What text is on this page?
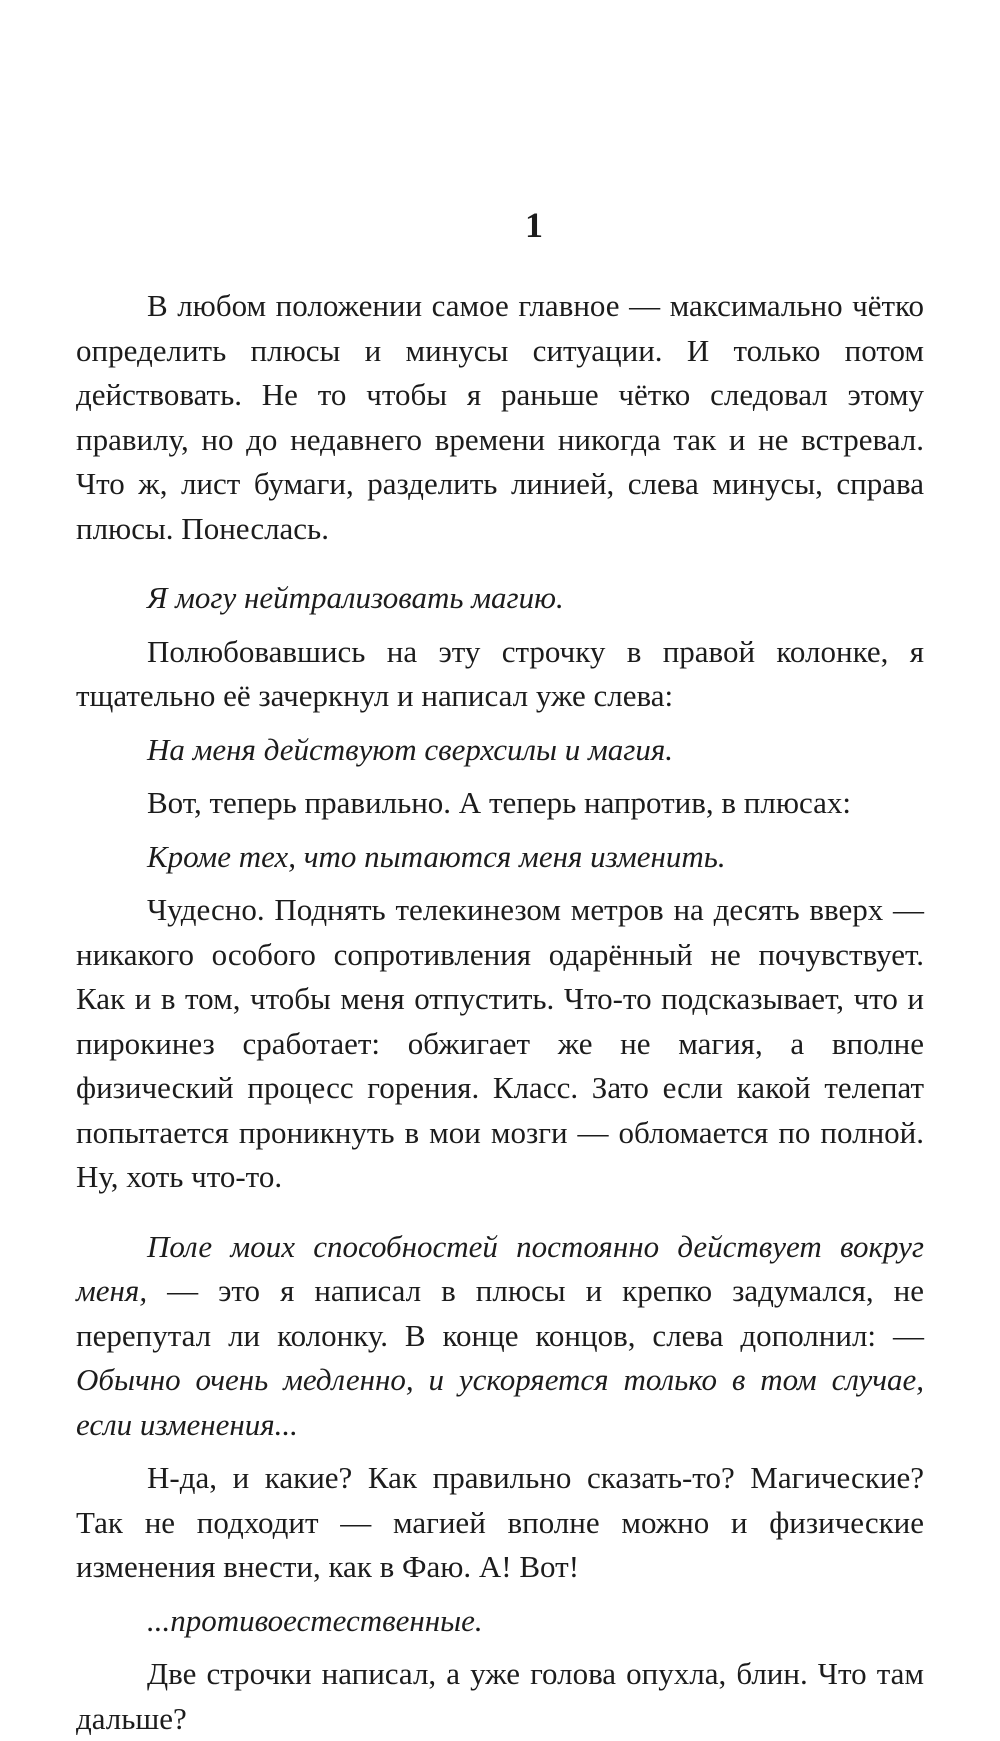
1

В любом положении самое главное — максимально чётко определить плюсы и минусы ситуации. И только потом действовать. Не то чтобы я раньше чётко следовал этому правилу, но до недавнего времени никогда так и не встревал. Что ж, лист бумаги, разделить линией, слева минусы, справа плюсы. Понеслась.

Я могу нейтрализовать магию.

Полюбовавшись на эту строчку в правой колонке, я тщательно её зачеркнул и написал уже слева:

На меня действуют сверхсилы и магия.

Вот, теперь правильно. А теперь напротив, в плюсах:

Кроме тех, что пытаются меня изменить.

Чудесно. Поднять телекинезом метров на десять вверх — никакого особого сопротивления одарённый не почувствует. Как и в том, чтобы меня отпустить. Что-то подсказывает, что и пирокинез сработает: обжигает же не магия, а вполне физический процесс горения. Класс. Зато если какой телепат попытается проникнуть в мои мозги — обломается по полной. Ну, хоть что-то.

Поле моих способностей постоянно действует вокруг меня, — это я написал в плюсы и крепко задумался, не перепутал ли колонку. В конце концов, слева дополнил: — Обычно очень медленно, и ускоряется только в том случае, если изменения...

Н-да, и какие? Как правильно сказать-то? Магические? Так не подходит — магией вполне можно и физические изменения внести, как в Фаю. А! Вот!

...противоестественные.

Две строчки написал, а уже голова опухла, блин. Что там дальше?
